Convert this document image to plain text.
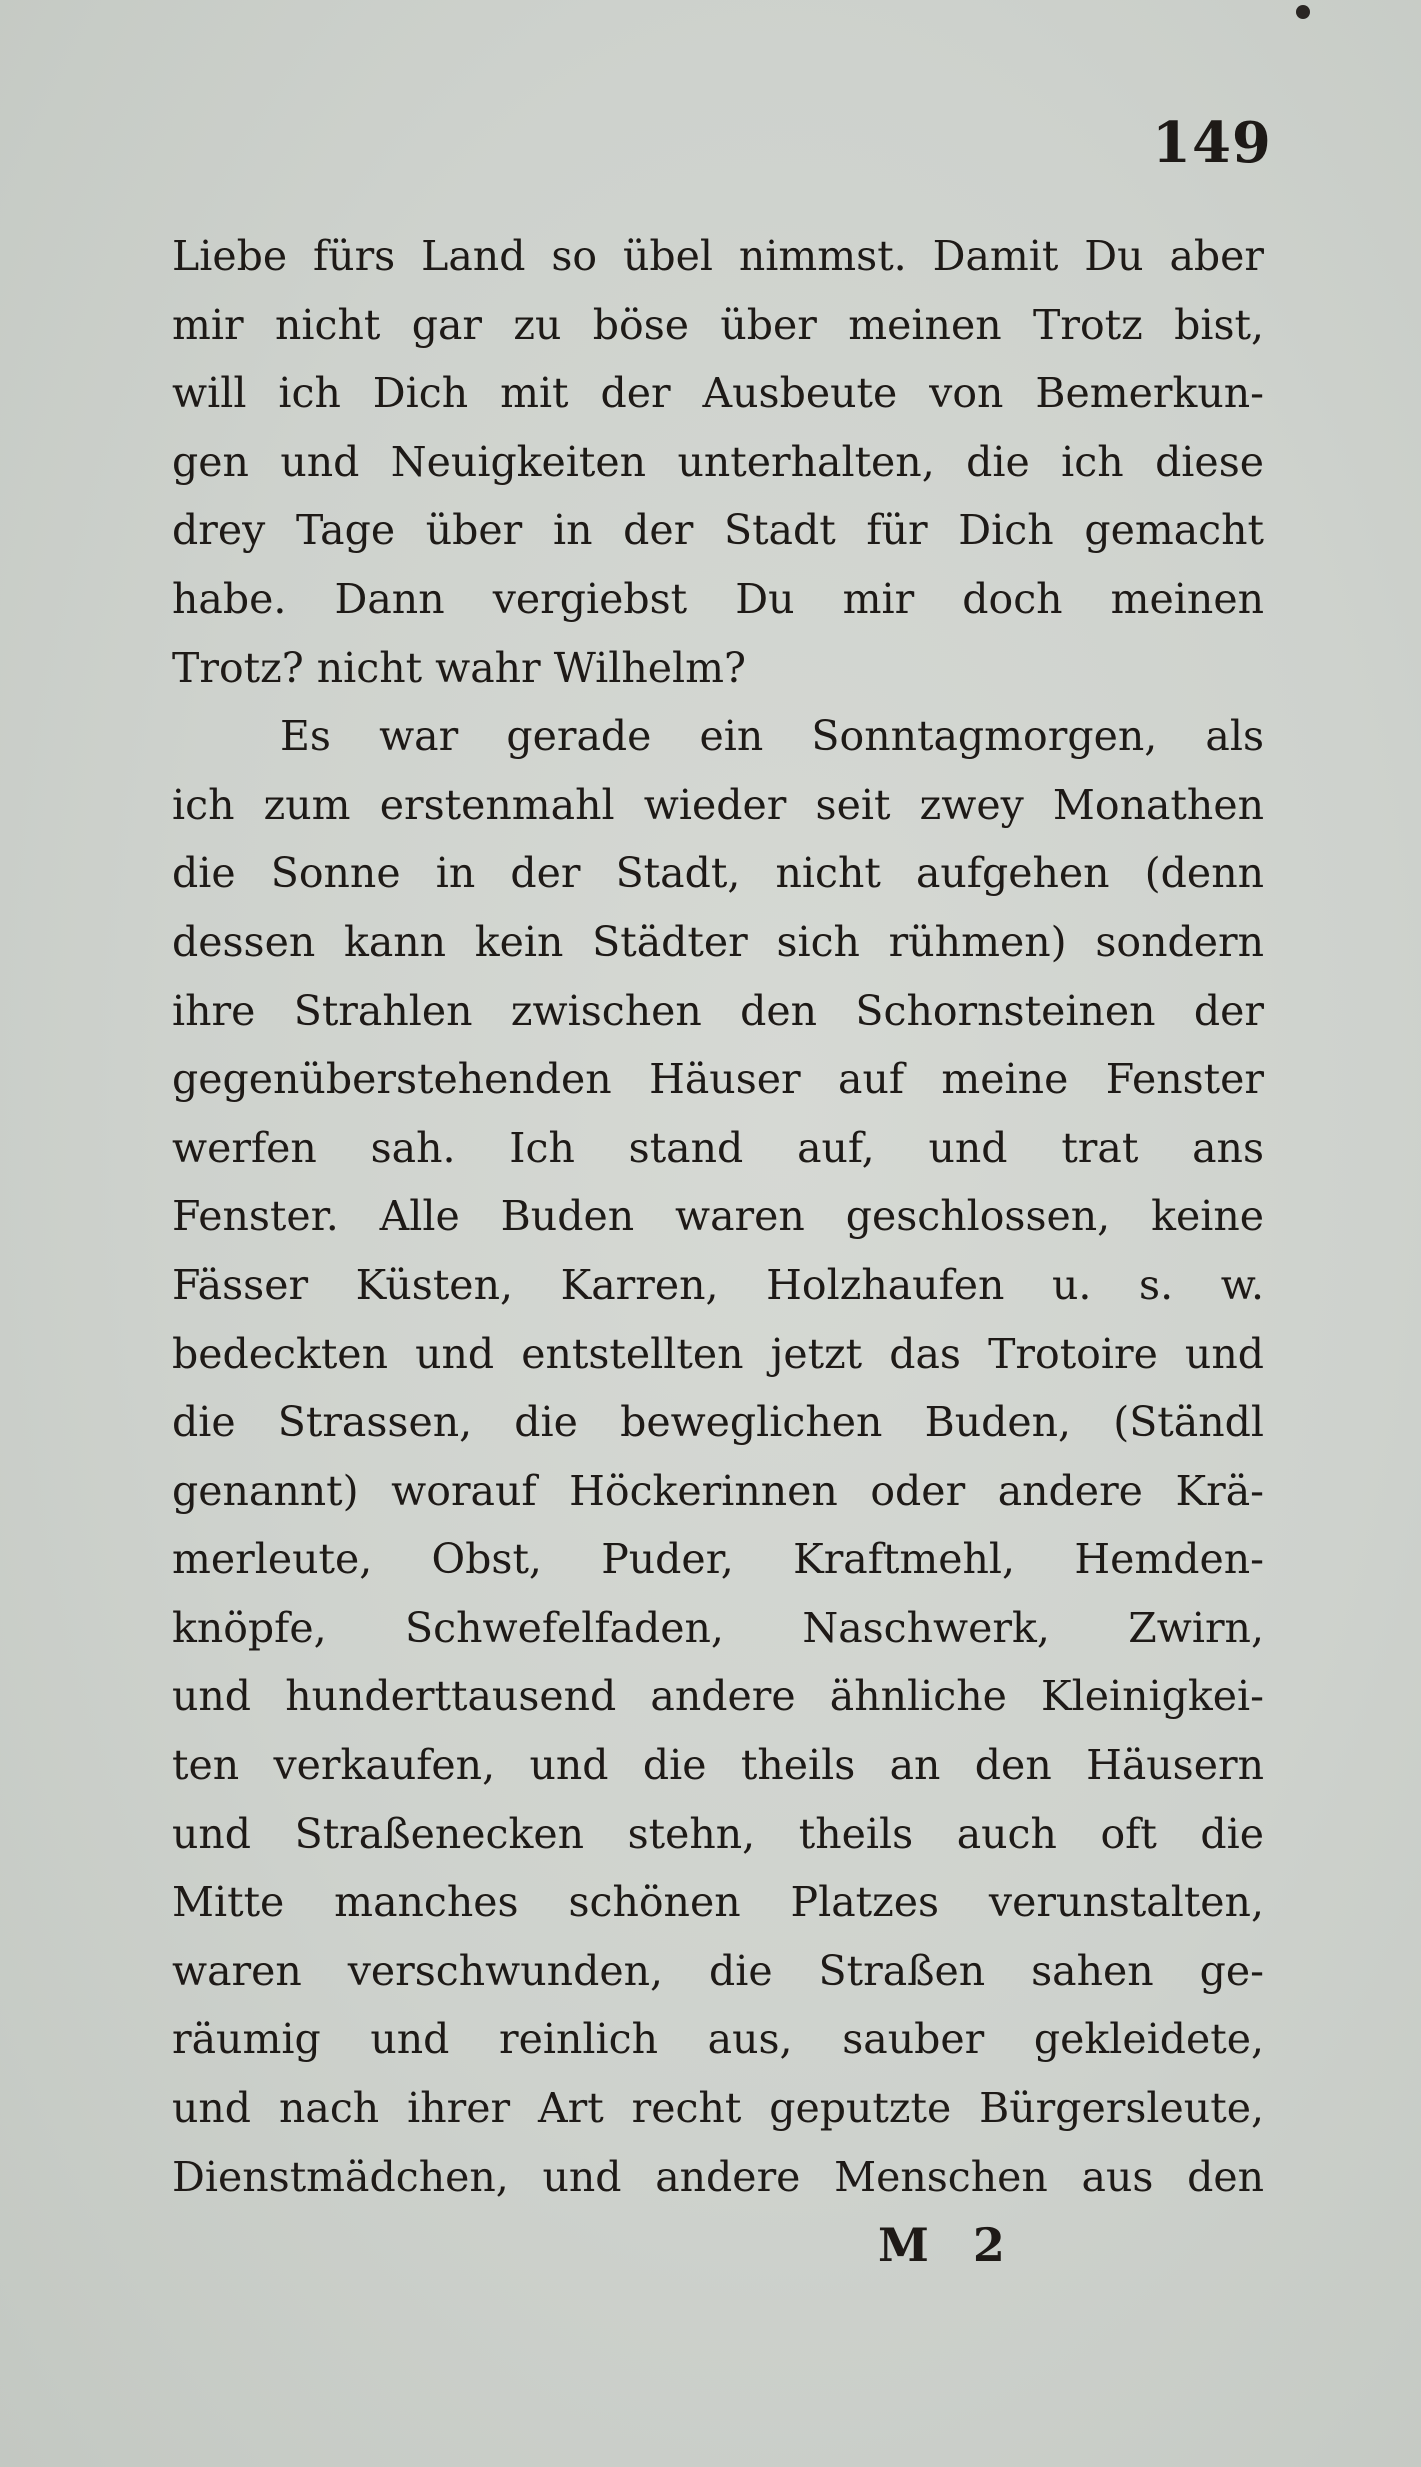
149
Liebe fürs Land so übel nimmst. Damit Du aber
mir nicht gar zu böse über meinen Trotz bist,
will ich Dich mit der Ausbeute von Bemerkun-
gen und Neuigkeiten unterhalten, die ich diese
drey Tage über in der Stadt für Dich gemacht
habe. Dann vergiebst Du mir doch meinen
Trotz? nicht wahr Wilhelm?
Es war gerade ein Sonntagmorgen, als
ich zum erstenmahl wieder seit zwey Monathen
die Sonne in der Stadt, nicht aufgehen (denn
dessen kann kein Städter sich rühmen) sondern
ihre Strahlen zwischen den Schornsteinen der
gegenüberstehenden Häuser auf meine Fenster
werfen sah. Ich stand auf, und trat ans
Fenster. Alle Buden waren geschlossen, keine
Fässer Küsten, Karren, Holzhaufen u. s. w.
bedeckten und entstellten jetzt das Trotoire und
die Strassen, die beweglichen Buden, (Ständl
genannt) worauf Höckerinnen oder andere Krä-
merleute, Obst, Puder, Kraftmehl, Hemden-
knöpfe, Schwefelfaden, Naschwerk, Zwirn,
und hunderttausend andere ähnliche Kleinigkei-
ten verkaufen, und die theils an den Häusern
und Straßenecken stehn, theils auch oft die
Mitte manches schönen Platzes verunstalten,
waren verschwunden, die Straßen sahen ge-
räumig und reinlich aus, sauber gekleidete,
und nach ihrer Art recht geputzte Bürgersleute,
Dienstmädchen, und andere Menschen aus den
M 2
